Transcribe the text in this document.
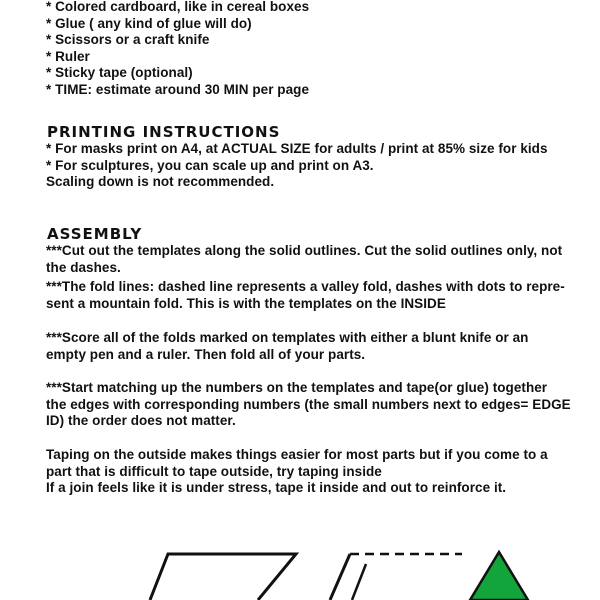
* Colored cardboard, like in cereal boxes
* Glue ( any kind of glue will do)
* Scissors or a craft knife
* Ruler
* Sticky tape (optional)
* TIME: estimate around 30 MIN per page
PRINTING INSTRUCTIONS
* For masks print on A4, at ACTUAL SIZE for adults / print at 85% size for kids
* For sculptures, you can scale up and print on A3.
Scaling down is not recommended.
ASSEMBLY
***Cut out the templates along the solid outlines. Cut the solid outlines only, not
the dashes.
***The fold lines: dashed line represents a valley fold, dashes with dots to repre-
sent a mountain fold. This is with the templates on the INSIDE
***Score all of the folds marked on templates with either a blunt knife or an
empty pen and a ruler. Then fold all of your parts.
***Start matching up the numbers on the templates and tape(or glue) together
the edges with corresponding numbers (the small numbers next to edges= EDGE
ID) the order does not matter.
Taping on the outside makes things easier for most parts but if you come to a
part that is difficult to tape outside, try taping inside
If a join feels like it is under stress, tape it inside and out to reinforce it.
